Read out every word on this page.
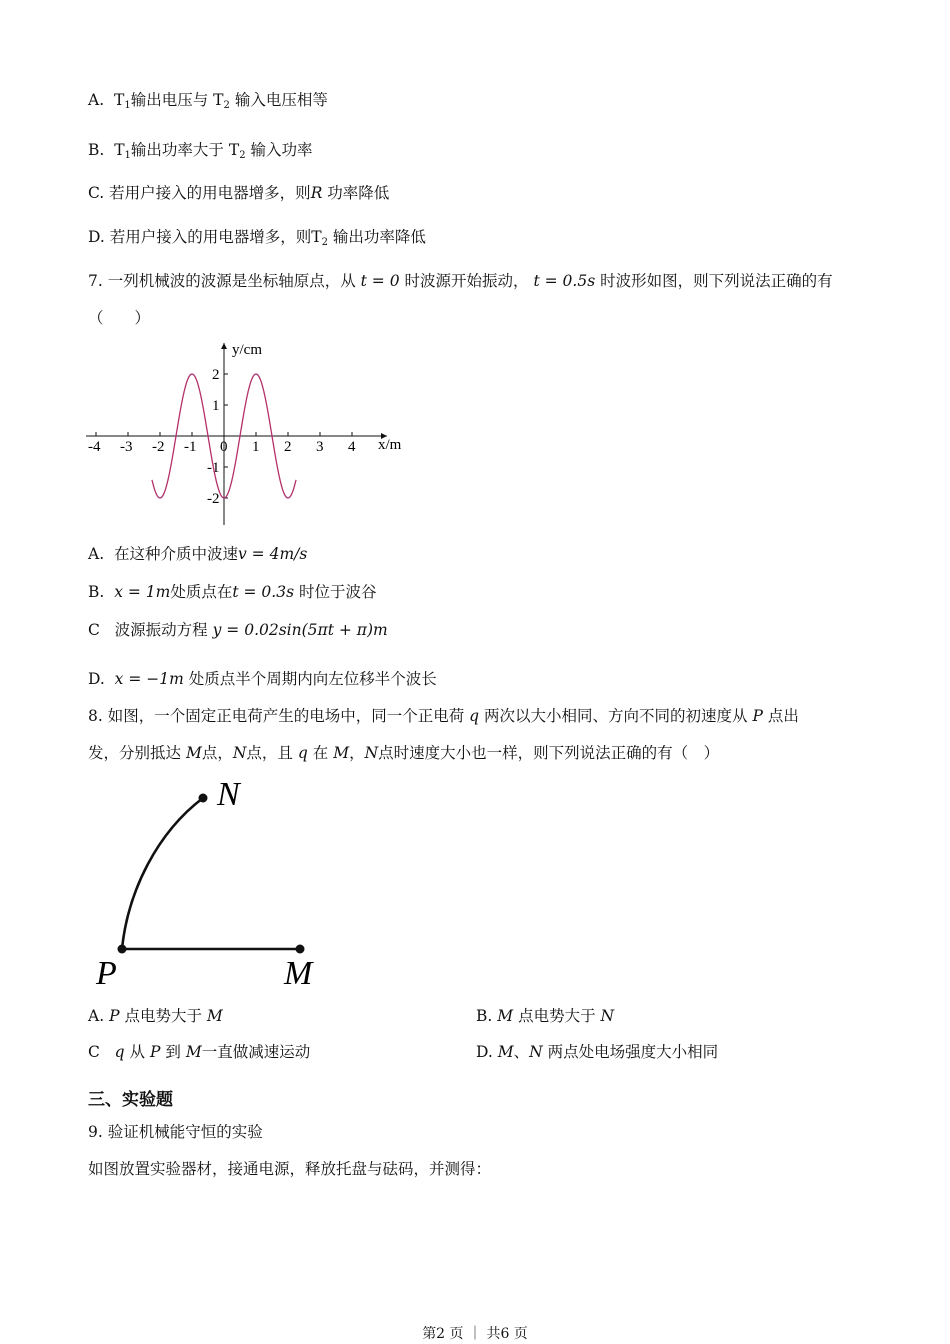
A. $T_1$输出电压与 $T_2$ 输入电压相等
B. $T_1$输出功率大于 $T_2$ 输入功率
C. 若用户接入的用电器增多，则R 功率降低
D. 若用户接入的用电器增多，则$T_2$ 输出功率降低
7. 一列机械波的波源是坐标轴原点，从 t = 0 时波源开始振动， t = 0.5s 时波形如图，则下列说法正确的有
（　　）
y/cm
x/m
-4 -3 -2 -1 0 1 2 3 4
2
1
-1
-2
A. 在这种介质中波速v = 4m/s
B. x = 1m处质点在t = 0.3s 时位于波谷
C 波源振动方程 y = 0.02sin(5πt + π)m
D. x = −1m 处质点半个周期内向左位移半个波长
8. 如图，一个固定正电荷产生的电场中，同一个正电荷 q 两次以大小相同、方向不同的初速度从 P 点出
发，分别抵达 M点，N点，且 q 在 M，N点时速度大小也一样，则下列说法正确的有（　）
N
P	M
A. P 点电势大于 M	B. M 点电势大于 N
C q 从 P 到 M一直做减速运动	D. M、N 两点处电场强度大小相同
三、实验题
9. 验证机械能守恒的实验
如图放置实验器材，接通电源，释放托盘与砝码，并测得：
第2 页 ｜ 共6 页
